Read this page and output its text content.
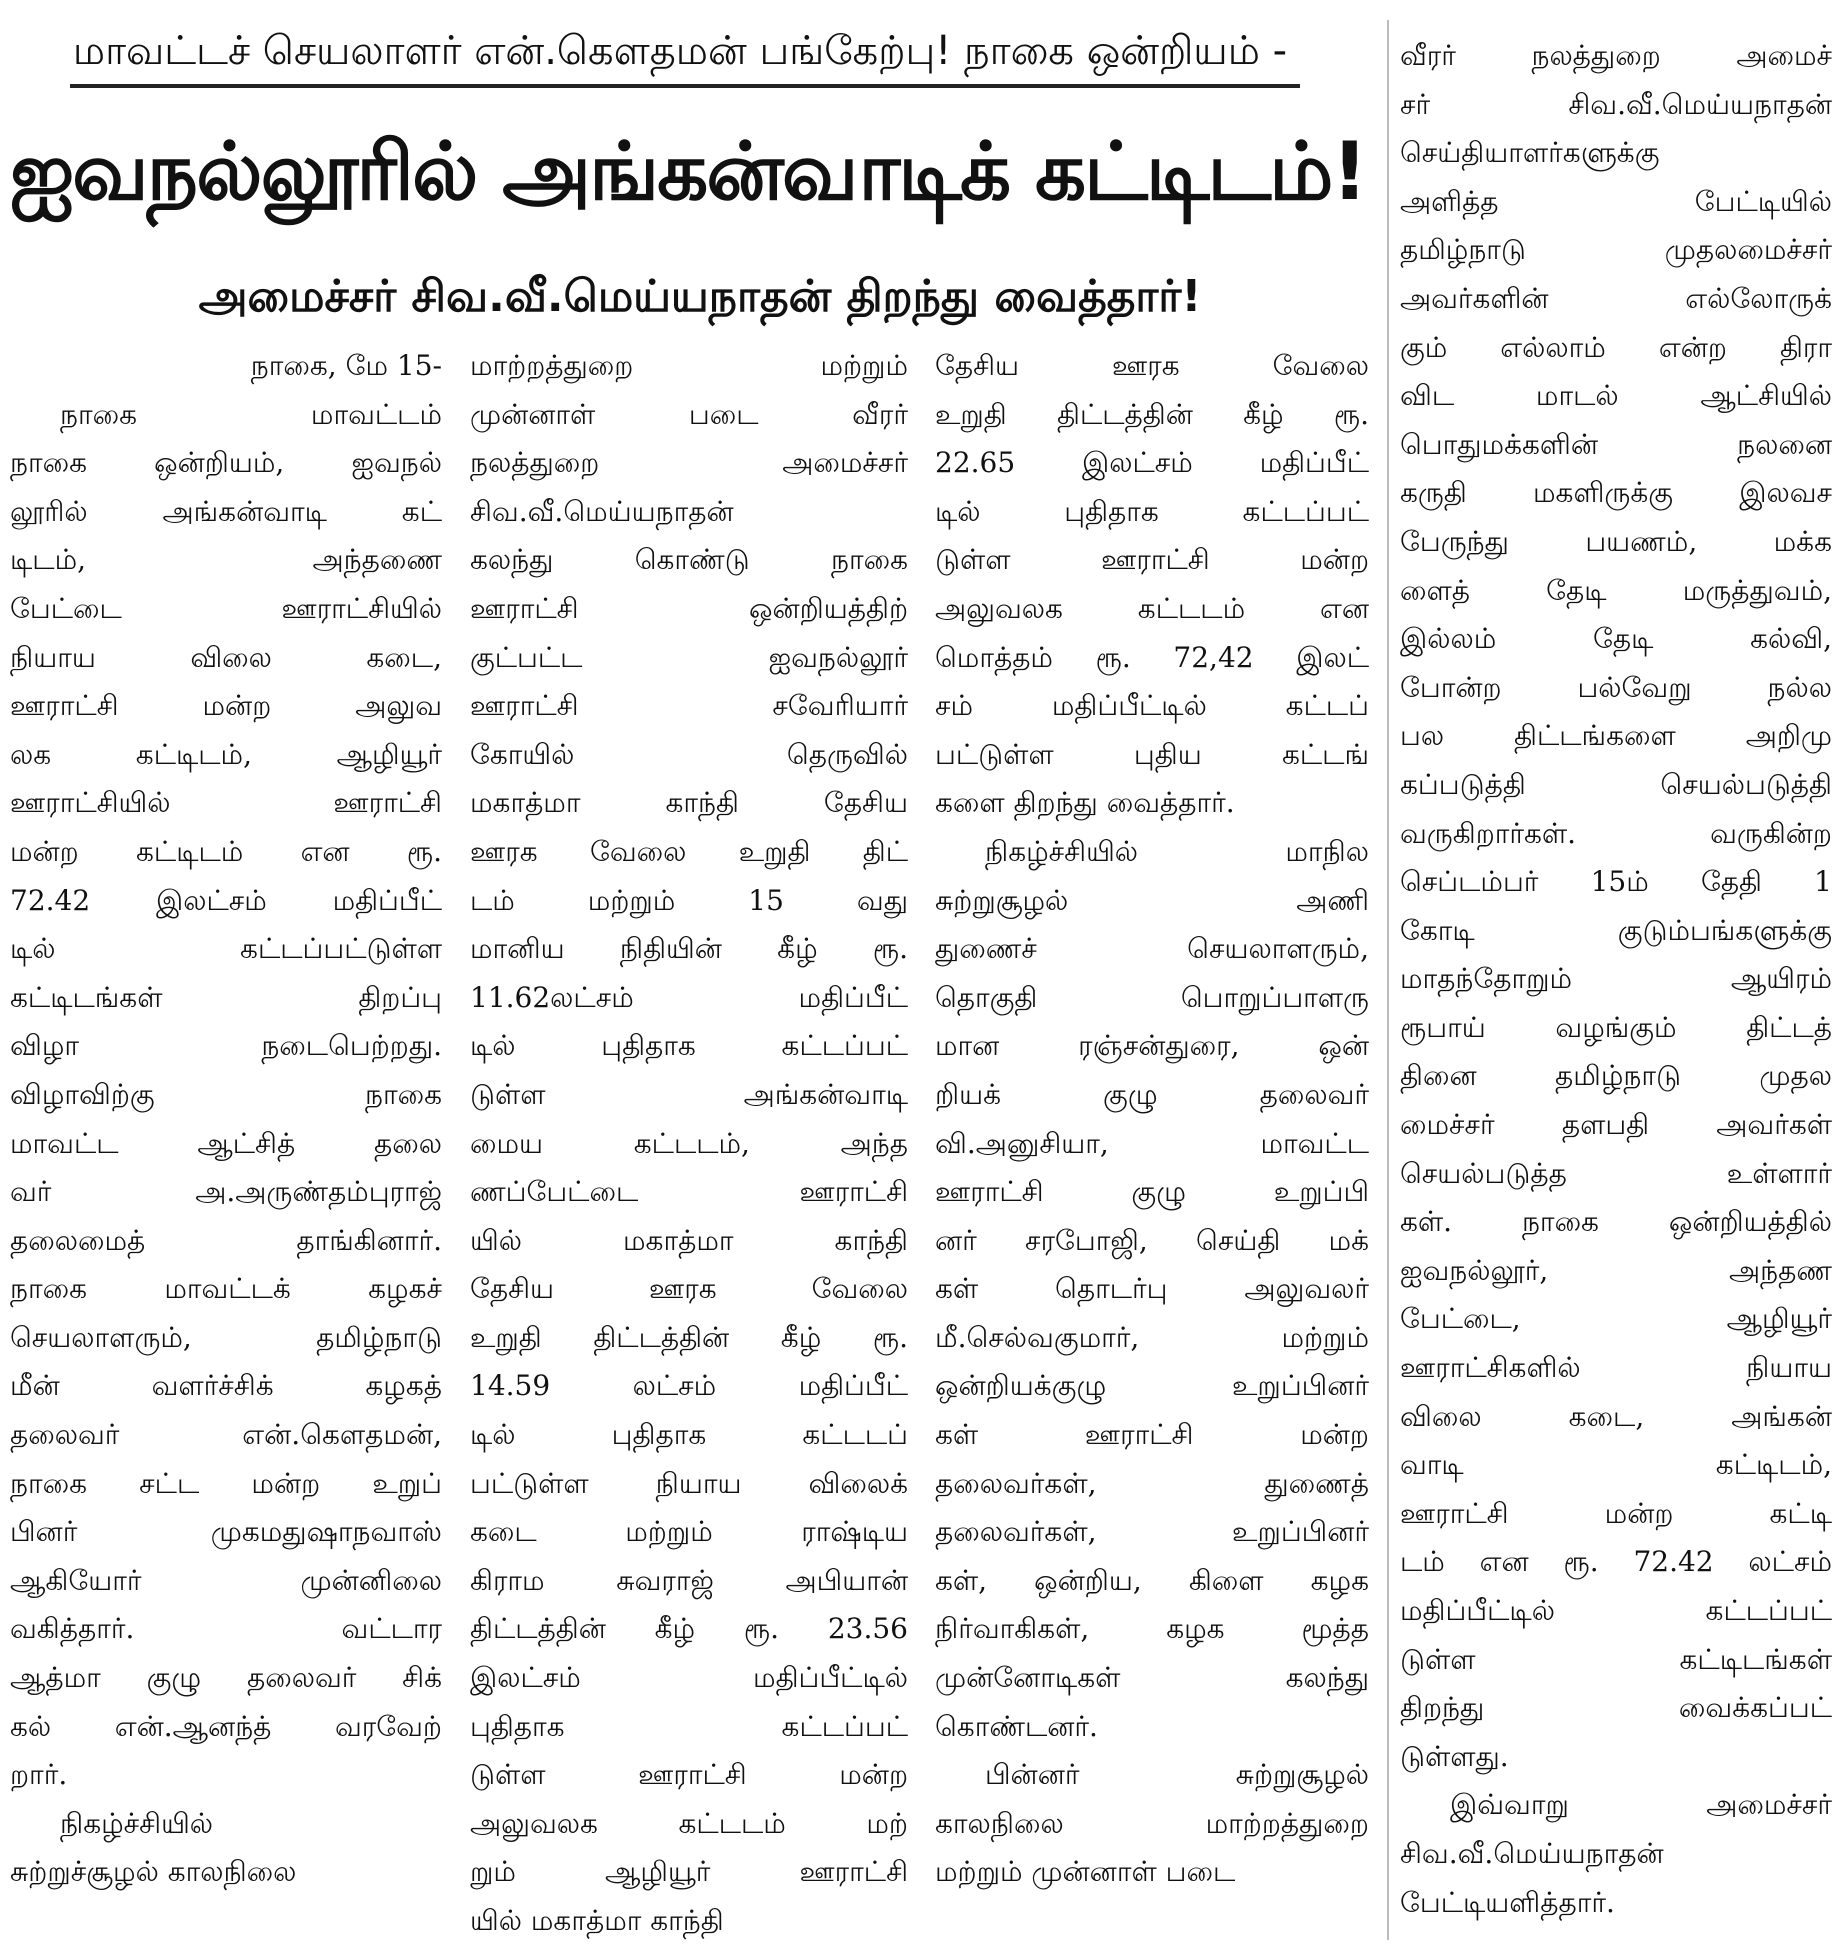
மாவட்டச் செயலாளர் என்.கௌதமன் பங்கேற்பு! நாகை ஒன்றியம் -
ஐவநல்லூரில் அங்கன்வாடிக் கட்டிடம்!
அமைச்சர் சிவ.வீ.மெய்யநாதன் திறந்து வைத்தார்!
நாகை, மே 15-
நாகை மாவட்டம்
நாகை ஒன்றியம், ஐவநல்
லூரில் அங்கன்வாடி கட்
டிடம், அந்தணை
பேட்டை ஊராட்சியில்
நியாய விலை கடை,
ஊராட்சி மன்ற அலுவ
லக கட்டிடம், ஆழியூர்
ஊராட்சியில் ஊராட்சி
மன்ற கட்டிடம் என ரூ.
72.42 இலட்சம் மதிப்பீட்
டில் கட்டப்பட்டுள்ள
கட்டிடங்கள் திறப்பு
விழா நடைபெற்றது.
விழாவிற்கு நாகை
மாவட்ட ஆட்சித் தலை
வர் அ.அருண்தம்புராஜ்
தலைமைத் தாங்கினார்.
நாகை மாவட்டக் கழகச்
செயலாளரும், தமிழ்நாடு
மீன் வளர்ச்சிக் கழகத்
தலைவர் என்.கௌதமன்,
நாகை சட்ட மன்ற உறுப்
பினர் முகமதுஷாநவாஸ்
ஆகியோர் முன்னிலை
வகித்தார். வட்டார
ஆத்மா குழு தலைவர் சிக்
கல் என்.ஆனந்த் வரவேற்
றார்.
நிகழ்ச்சியில்
சுற்றுச்சூழல் காலநிலை
மாற்றத்துறை மற்றும்
முன்னாள் படை வீரர்
நலத்துறை அமைச்சர்
சிவ.வீ.மெய்யநாதன்
கலந்து கொண்டு நாகை
ஊராட்சி ஒன்றியத்திற்
குட்பட்ட ஐவநல்லூர்
ஊராட்சி சவேரியார்
கோயில் தெருவில்
மகாத்மா காந்தி தேசிய
ஊரக வேலை உறுதி திட்
டம் மற்றும் 15 வது
மானிய நிதியின் கீழ் ரூ.
11.62லட்சம் மதிப்பீட்
டில் புதிதாக கட்டப்பட்
டுள்ள அங்கன்வாடி
மைய கட்டடம், அந்த
ணப்பேட்டை ஊராட்சி
யில் மகாத்மா காந்தி
தேசிய ஊரக வேலை
உறுதி திட்டத்தின் கீழ் ரூ.
14.59 லட்சம் மதிப்பீட்
டில் புதிதாக கட்டடப்
பட்டுள்ள நியாய விலைக்
கடை மற்றும் ராஷ்டிய
கிராம சுவராஜ் அபியான்
திட்டத்தின் கீழ் ரூ. 23.56
இலட்சம் மதிப்பீட்டில்
புதிதாக கட்டப்பட்
டுள்ள ஊராட்சி மன்ற
அலுவலக கட்டடம் மற்
றும் ஆழியூர் ஊராட்சி
யில் மகாத்மா காந்தி
தேசிய ஊரக வேலை
உறுதி திட்டத்தின் கீழ் ரூ.
22.65 இலட்சம் மதிப்பீட்
டில் புதிதாக கட்டப்பட்
டுள்ள ஊராட்சி மன்ற
அலுவலக கட்டடம் என
மொத்தம் ரூ. 72,42 இலட்
சம் மதிப்பீட்டில் கட்டப்
பட்டுள்ள புதிய கட்டங்
களை திறந்து வைத்தார்.
நிகழ்ச்சியில் மாநில
சுற்றுசூழல் அணி
துணைச் செயலாளரும்,
தொகுதி பொறுப்பாளரு
மான ரஞ்சன்துரை, ஒன்
றியக் குழு தலைவர்
வி.அனுசியா, மாவட்ட
ஊராட்சி குழு உறுப்பி
னர் சரபோஜி, செய்தி மக்
கள் தொடர்பு அலுவலர்
மீ.செல்வகுமார், மற்றும்
ஒன்றியக்குழு உறுப்பினர்
கள் ஊராட்சி மன்ற
தலைவர்கள், துணைத்
தலைவர்கள், உறுப்பினர்
கள், ஒன்றிய, கிளை கழக
நிர்வாகிகள், கழக மூத்த
முன்னோடிகள் கலந்து
கொண்டனர்.
பின்னர் சுற்றுசூழல்
காலநிலை மாற்றத்துறை
மற்றும் முன்னாள் படை
வீரர் நலத்துறை அமைச்
சர் சிவ.வீ.மெய்யநாதன்
செய்தியாளர்களுக்கு
அளித்த பேட்டியில்
தமிழ்நாடு முதலமைச்சர்
அவர்களின் எல்லோருக்
கும் எல்லாம் என்ற திரா
விட மாடல் ஆட்சியில்
பொதுமக்களின் நலனை
கருதி மகளிருக்கு இலவச
பேருந்து பயணம், மக்க
ளைத் தேடி மருத்துவம்,
இல்லம் தேடி கல்வி,
போன்ற பல்வேறு நல்ல
பல திட்டங்களை அறிமு
கப்படுத்தி செயல்படுத்தி
வருகிறார்கள். வருகின்ற
செப்டம்பர் 15ம் தேதி 1
கோடி குடும்பங்களுக்கு
மாதந்தோறும் ஆயிரம்
ரூபாய் வழங்கும் திட்டத்
தினை தமிழ்நாடு முதல
மைச்சர் தளபதி அவர்கள்
செயல்படுத்த உள்ளார்
கள். நாகை ஒன்றியத்தில்
ஐவநல்லூர், அந்தண
பேட்டை, ஆழியூர்
ஊராட்சிகளில் நியாய
விலை கடை, அங்கன்
வாடி கட்டிடம்,
ஊராட்சி மன்ற கட்டி
டம் என ரூ. 72.42 லட்சம்
மதிப்பீட்டில் கட்டப்பட்
டுள்ள கட்டிடங்கள்
திறந்து வைக்கப்பட்
டுள்ளது.
இவ்வாறு அமைச்சர்
சிவ.வீ.மெய்யநாதன்
பேட்டியளித்தார்.
